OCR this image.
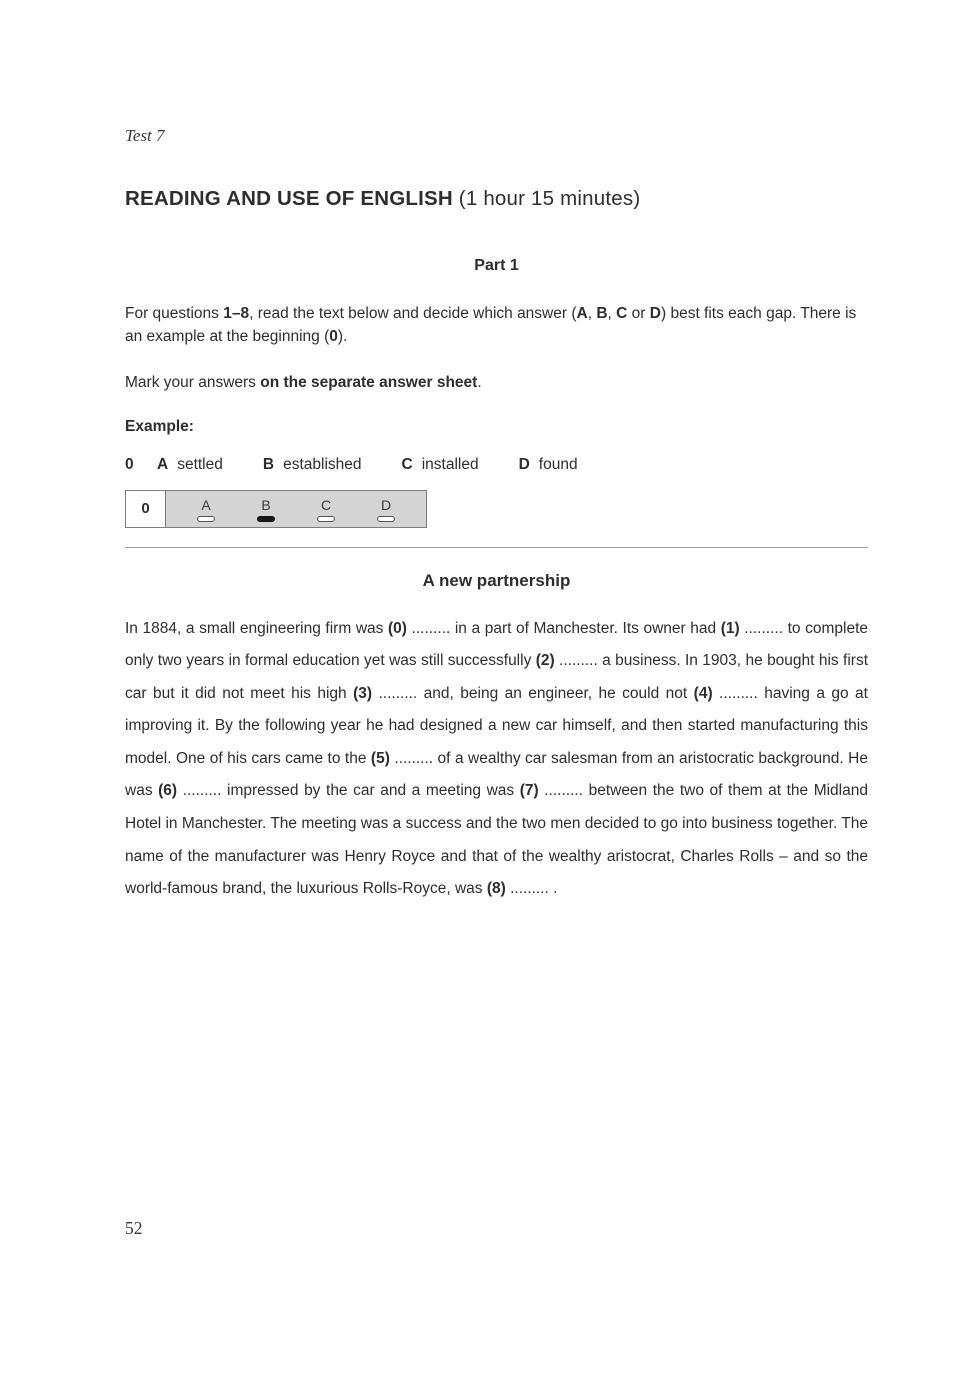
Test 7
READING AND USE OF ENGLISH (1 hour 15 minutes)
Part 1

For questions 1–8, read the text below and decide which answer (A, B, C or D) best fits each gap. There is an example at the beginning (0).

Mark your answers on the separate answer sheet.

Example:

0	A settled	B established	C installed	D found
0	A	B	C	D
A new partnership

In 1884, a small engineering firm was (0) ......... in a part of Manchester. Its owner had (1) ......... to complete only two years in formal education yet was still successfully (2) ......... a business. In 1903, he bought his first car but it did not meet his high (3) ......... and, being an engineer, he could not (4) ......... having a go at improving it. By the following year he had designed a new car himself, and then started manufacturing this model. One of his cars came to the (5) ......... of a wealthy car salesman from an aristocratic background. He was (6) ......... impressed by the car and a meeting was (7) ......... between the two of them at the Midland Hotel in Manchester. The meeting was a success and the two men decided to go into business together. The name of the manufacturer was Henry Royce and that of the wealthy aristocrat, Charles Rolls – and so the world-famous brand, the luxurious Rolls-Royce, was (8) ......... .

52
